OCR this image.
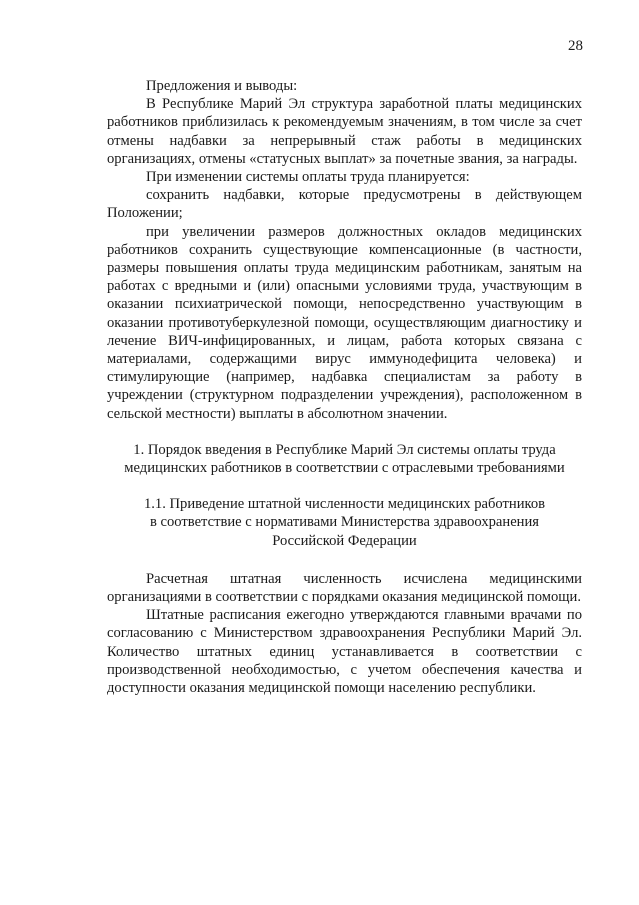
28

Предложения и выводы:

В Республике Марий Эл структура заработной платы медицинских работников приблизилась к рекомендуемым значениям, в том числе за счет отмены надбавки за непрерывный стаж работы в медицинских организациях, отмены «статусных выплат» за почетные звания, за награды.

При изменении системы оплаты труда планируется:

сохранить надбавки, которые предусмотрены в действующем Положении;

при увеличении размеров должностных окладов медицинских работников сохранить существующие компенсационные (в частности, размеры повышения оплаты труда медицинским работникам, занятым на работах с вредными и (или) опасными условиями труда, участвующим в оказании психиатрической помощи, непосредственно участвующим в оказании противотуберкулезной помощи, осуществляющим диагностику и лечение ВИЧ-инфицированных, и лицам, работа которых связана с материалами, содержащими вирус иммунодефицита человека) и стимулирующие (например, надбавка специалистам за работу в учреждении (структурном подразделении учреждения), расположенном в сельской местности) выплаты в абсолютном значении.

1. Порядок введения в Республике Марий Эл системы оплаты труда
медицинских работников в соответствии с отраслевыми требованиями
1.1. Приведение штатной численности медицинских работников
в соответствие с нормативами Министерства здравоохранения
Российской Федерации

Расчетная штатная численность исчислена медицинскими организациями в соответствии с порядками оказания медицинской помощи.

Штатные расписания ежегодно утверждаются главными врачами по согласованию с Министерством здравоохранения Республики Марий Эл. Количество штатных единиц устанавливается в соответствии с производственной необходимостью, с учетом обеспечения качества и доступности оказания медицинской помощи населению республики.
